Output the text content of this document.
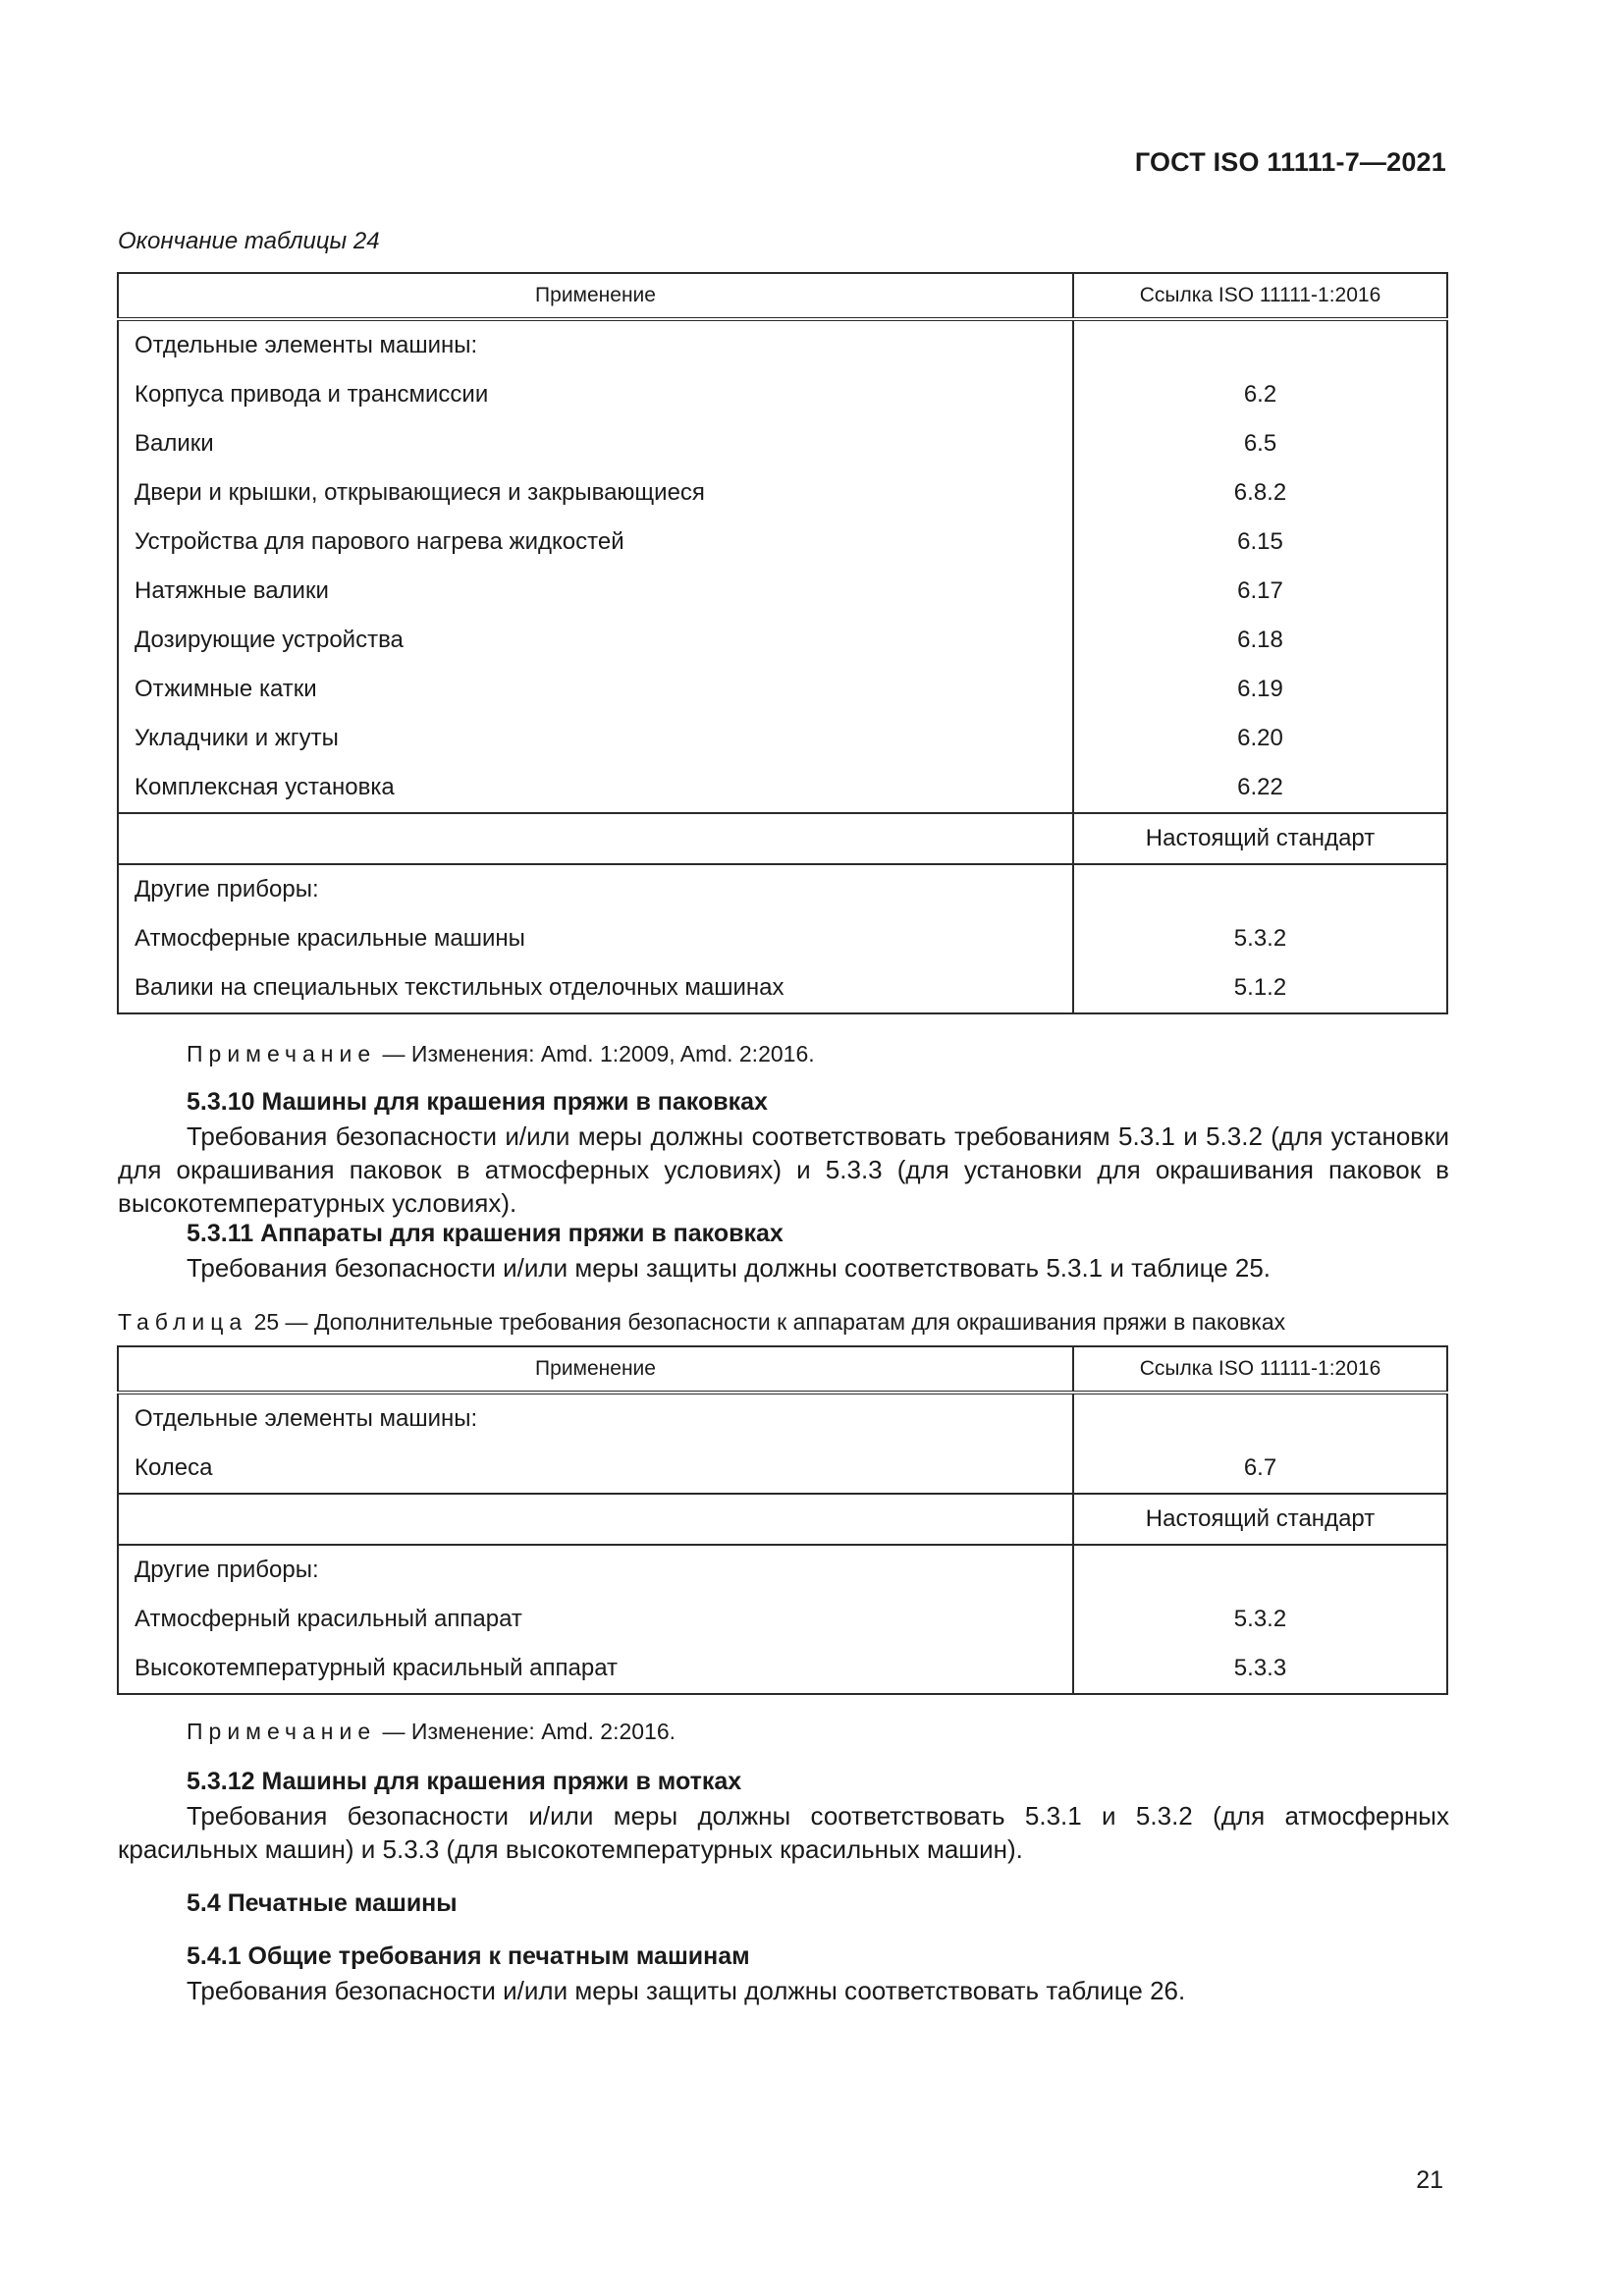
ГОСТ ISO 11111-7—2021
Окончание таблицы 24
Применение	Ссылка ISO 11111-1:2016
Отдельные элементы машины:	
Корпуса привода и трансмиссии	6.2
Валики	6.5
Двери и крышки, открывающиеся и закрывающиеся	6.8.2
Устройства для парового нагрева жидкостей	6.15
Натяжные валики	6.17
Дозирующие устройства	6.18
Отжимные катки	6.19
Укладчики и жгуты	6.20
Комплексная установка	6.22
	Настоящий стандарт
Другие приборы:	
Атмосферные красильные машины	5.3.2
Валики на специальных текстильных отделочных машинах	5.1.2
Примечание — Изменения: Amd. 1:2009, Amd. 2:2016.
5.3.10 Машины для крашения пряжи в паковках
Требования безопасности и/или меры должны соответствовать требованиям 5.3.1 и 5.3.2 (для установки для окрашивания паковок в атмосферных условиях) и 5.3.3 (для установки для окрашивания паковок в высокотемпературных условиях).
5.3.11 Аппараты для крашения пряжи в паковках
Требования безопасности и/или меры защиты должны соответствовать 5.3.1 и таблице 25.
Таблица 25 — Дополнительные требования безопасности к аппаратам для окрашивания пряжи в паковках
Применение	Ссылка ISO 11111-1:2016
Отдельные элементы машины:	
Колеса	6.7
	Настоящий стандарт
Другие приборы:	
Атмосферный красильный аппарат	5.3.2
Высокотемпературный красильный аппарат	5.3.3
Примечание — Изменение: Amd. 2:2016.
5.3.12 Машины для крашения пряжи в мотках
Требования безопасности и/или меры должны соответствовать 5.3.1 и 5.3.2 (для атмосферных красильных машин) и 5.3.3 (для высокотемпературных красильных машин).
5.4 Печатные машины
5.4.1 Общие требования к печатным машинам
Требования безопасности и/или меры защиты должны соответствовать таблице 26.
21
